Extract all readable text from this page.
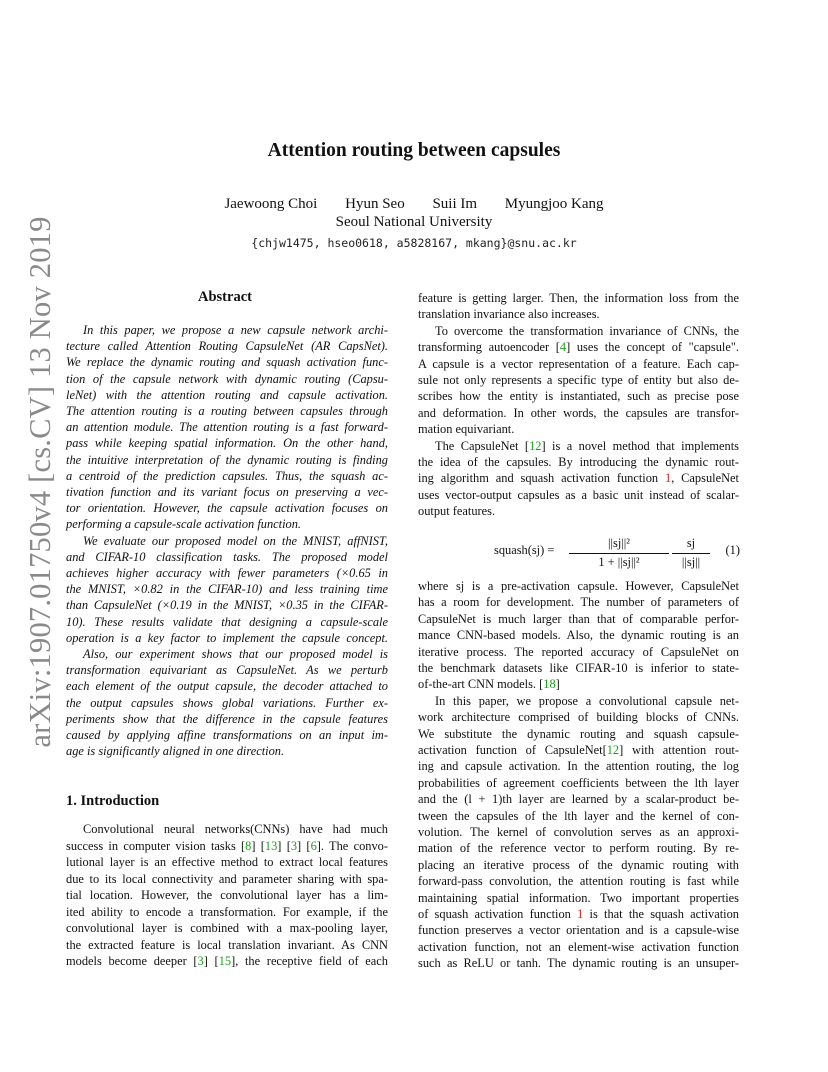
arXiv:1907.01750v4 [cs.CV] 13 Nov 2019
Attention routing between capsules
Jaewoong Choi Hyun Seo Suii Im Myungjoo Kang
Seoul National University
{chjw1475, hseo0618, a5828167, mkang}@snu.ac.kr
Abstract
1. Introduction
In this paper, we propose a new capsule network archi-
tecture called Attention Routing CapsuleNet (AR CapsNet).
We replace the dynamic routing and squash activation func-
tion of the capsule network with dynamic routing (Capsu-
leNet) with the attention routing and capsule activation.
The attention routing is a routing between capsules through
an attention module. The attention routing is a fast forward-
pass while keeping spatial information. On the other hand,
the intuitive interpretation of the dynamic routing is finding
a centroid of the prediction capsules. Thus, the squash ac-
tivation function and its variant focus on preserving a vec-
tor orientation. However, the capsule activation focuses on
performing a capsule-scale activation function.
We evaluate our proposed model on the MNIST, affNIST,
and CIFAR-10 classification tasks. The proposed model
achieves higher accuracy with fewer parameters (×0.65 in
the MNIST, ×0.82 in the CIFAR-10) and less training time
than CapsuleNet (×0.19 in the MNIST, ×0.35 in the CIFAR-
10). These results validate that designing a capsule-scale
operation is a key factor to implement the capsule concept.
Also, our experiment shows that our proposed model is
transformation equivariant as CapsuleNet. As we perturb
each element of the output capsule, the decoder attached to
the output capsules shows global variations. Further ex-
periments show that the difference in the capsule features
caused by applying affine transformations on an input im-
age is significantly aligned in one direction.
Convolutional neural networks(CNNs) have had much
success in computer vision tasks [8] [13] [3] [6]. The convo-
lutional layer is an effective method to extract local features
due to its local connectivity and parameter sharing with spa-
tial location. However, the convolutional layer has a lim-
ited ability to encode a transformation. For example, if the
convolutional layer is combined with a max-pooling layer,
the extracted feature is local translation invariant. As CNN
models become deeper [3] [15], the receptive field of each
feature is getting larger. Then, the information loss from the
translation invariance also increases.
To overcome the transformation invariance of CNNs, the
transforming autoencoder [4] uses the concept of "capsule".
A capsule is a vector representation of a feature. Each cap-
sule not only represents a specific type of entity but also de-
scribes how the entity is instantiated, such as precise pose
and deformation. In other words, the capsules are transfor-
mation equivariant.
The CapsuleNet [12] is a novel method that implements
the idea of the capsules. By introducing the dynamic rout-
ing algorithm and squash activation function 1, CapsuleNet
uses vector-output capsules as a basic unit instead of scalar-
output features.
squash(sj) =	||sj||²
1 + ||sj||²
sj
||sj||
(1)
where sj is a pre-activation capsule. However, CapsuleNet
has a room for development. The number of parameters of
CapsuleNet is much larger than that of comparable perfor-
mance CNN-based models. Also, the dynamic routing is an
iterative process. The reported accuracy of CapsuleNet on
the benchmark datasets like CIFAR-10 is inferior to state-
of-the-art CNN models. [18]
In this paper, we propose a convolutional capsule net-
work architecture comprised of building blocks of CNNs.
We substitute the dynamic routing and squash capsule-
activation function of CapsuleNet[12] with attention rout-
ing and capsule activation. In the attention routing, the log
probabilities of agreement coefficients between the lth layer
and the (l + 1)th layer are learned by a scalar-product be-
tween the capsules of the lth layer and the kernel of con-
volution. The kernel of convolution serves as an approxi-
mation of the reference vector to perform routing. By re-
placing an iterative process of the dynamic routing with
forward-pass convolution, the attention routing is fast while
maintaining spatial information. Two important properties
of squash activation function 1 is that the squash activation
function preserves a vector orientation and is a capsule-wise
activation function, not an element-wise activation function
such as ReLU or tanh. The dynamic routing is an unsuper-
